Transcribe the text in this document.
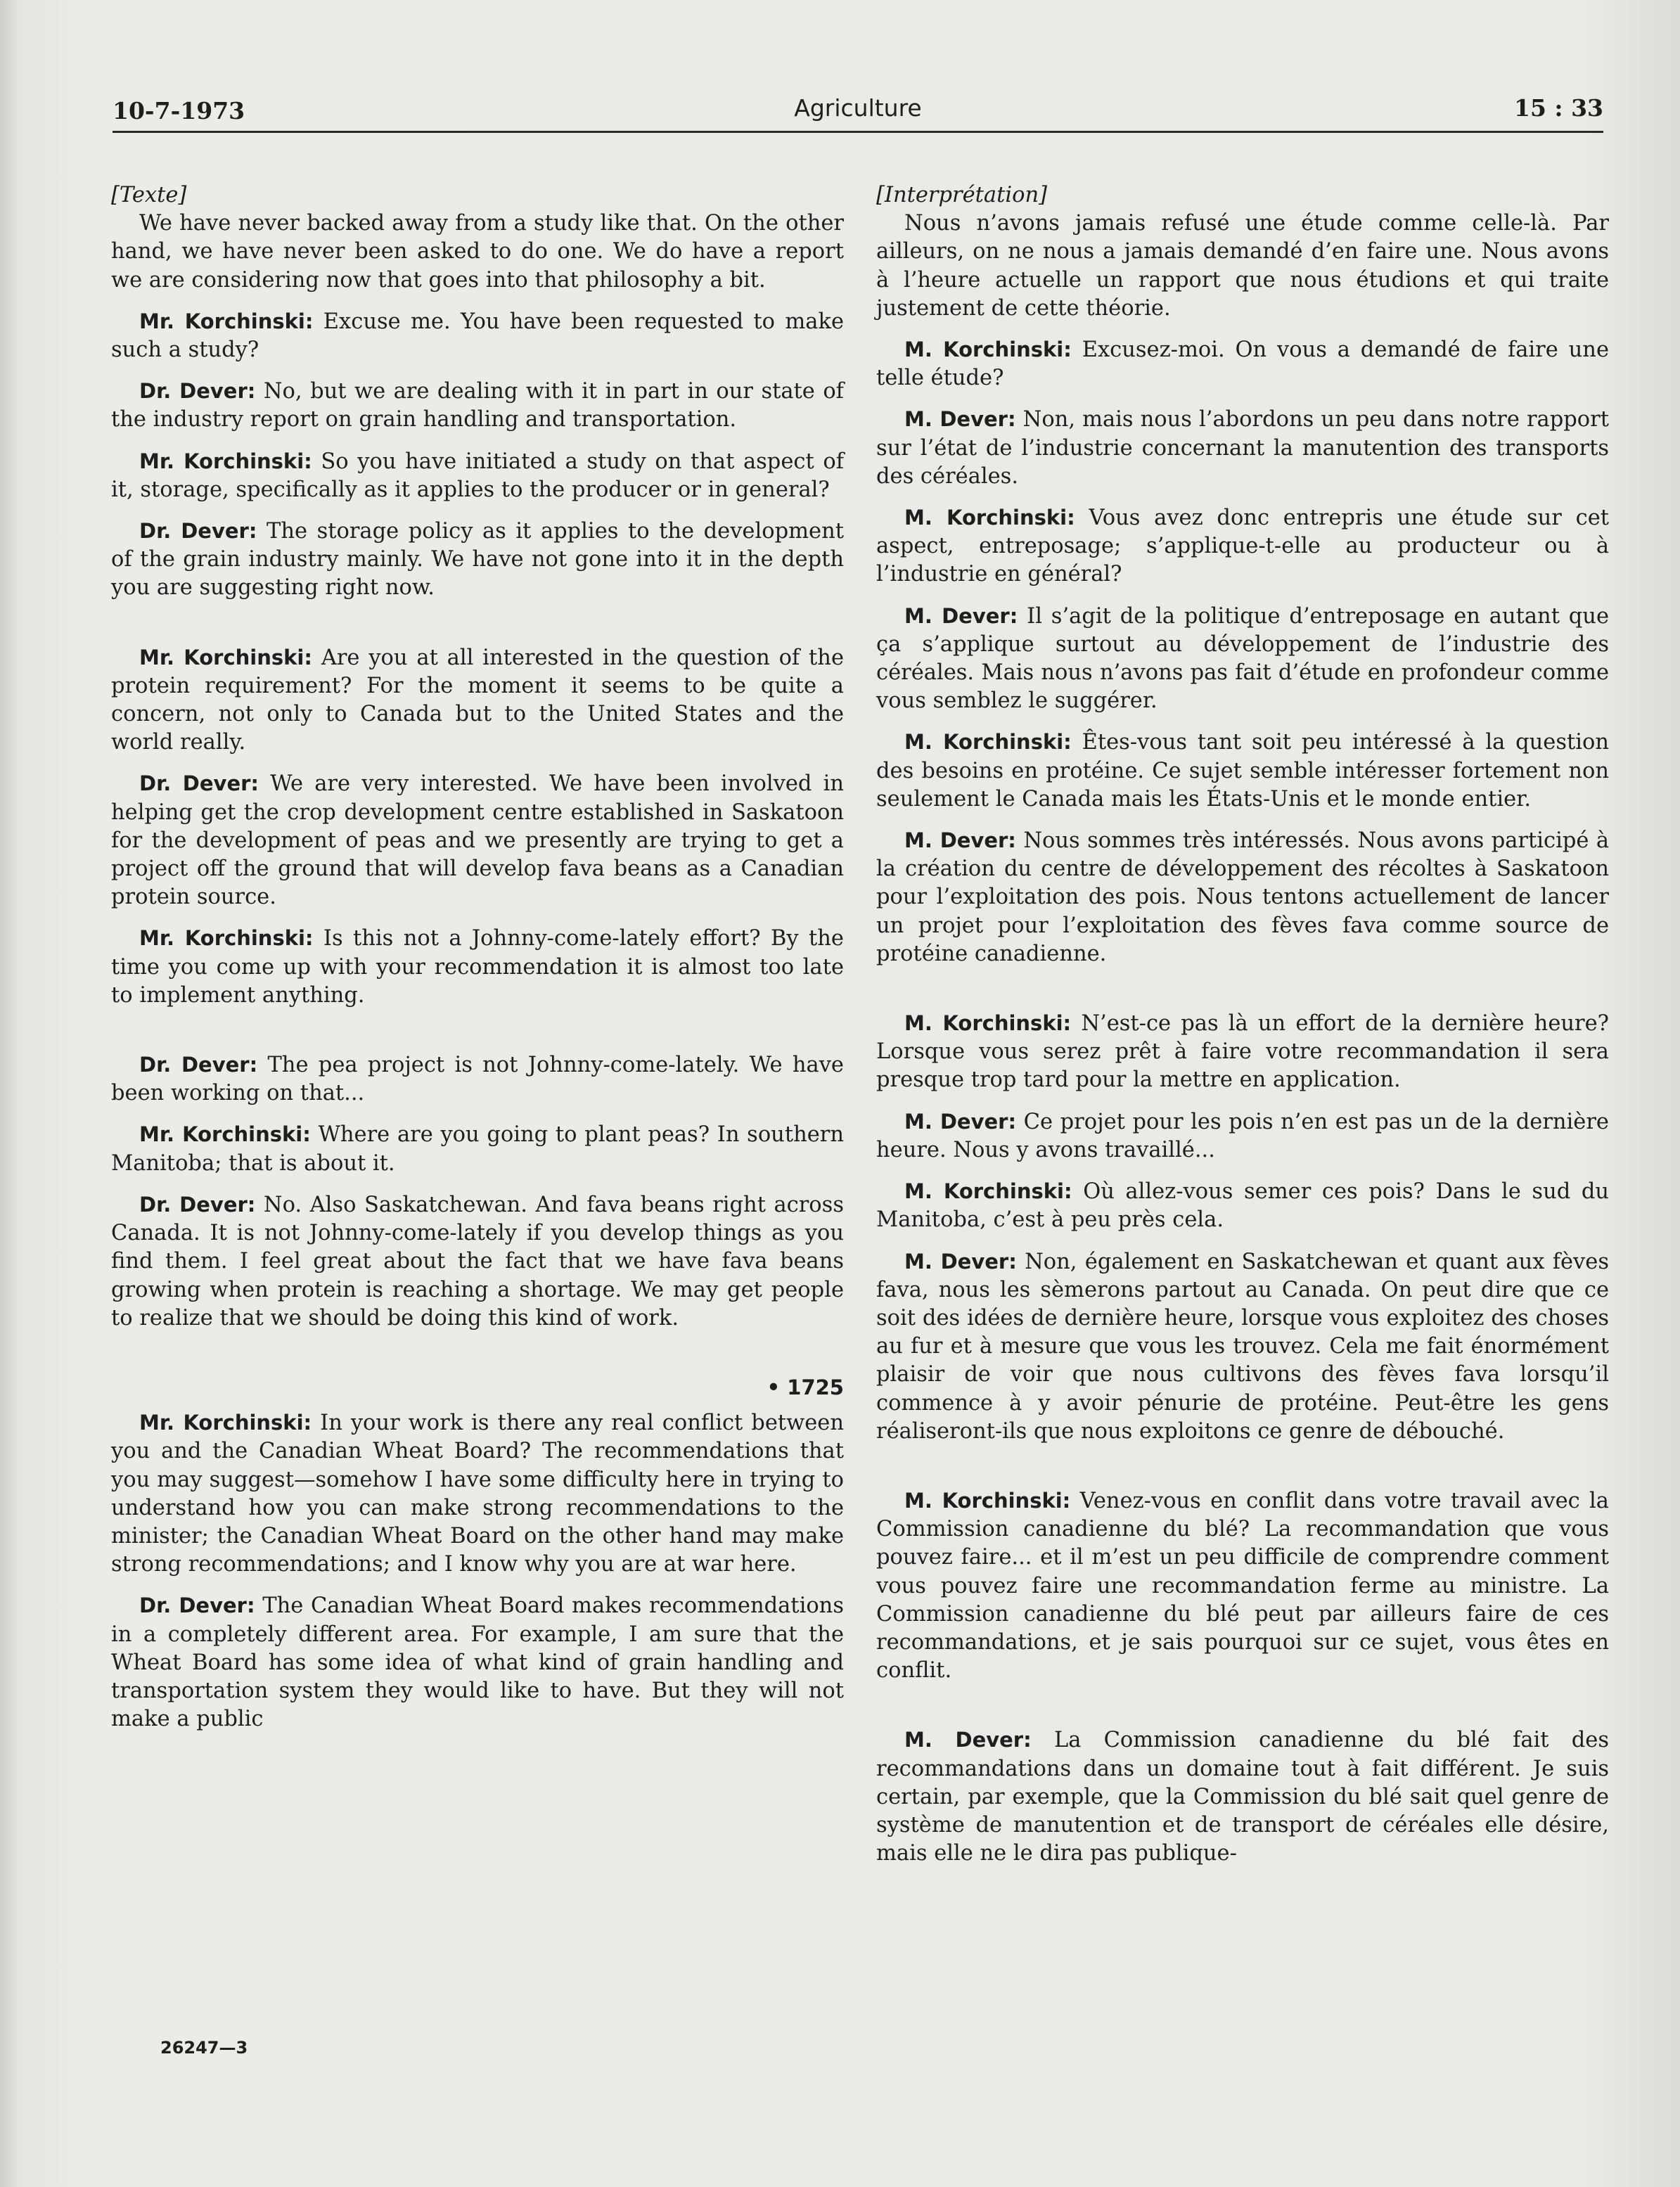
10-7-1973	Agriculture	15 : 33

[Texte]

We have never backed away from a study like that. On the other hand, we have never been asked to do one. We do have a report we are considering now that goes into that philosophy a bit.

Mr. Korchinski: Excuse me. You have been requested to make such a study?

Dr. Dever: No, but we are dealing with it in part in our state of the industry report on grain handling and transportation.

Mr. Korchinski: So you have initiated a study on that aspect of it, storage, specifically as it applies to the producer or in general?

Dr. Dever: The storage policy as it applies to the development of the grain industry mainly. We have not gone into it in the depth you are suggesting right now.

Mr. Korchinski: Are you at all interested in the question of the protein requirement? For the moment it seems to be quite a concern, not only to Canada but to the United States and the world really.

Dr. Dever: We are very interested. We have been involved in helping get the crop development centre established in Saskatoon for the development of peas and we presently are trying to get a project off the ground that will develop fava beans as a Canadian protein source.

Mr. Korchinski: Is this not a Johnny-come-lately effort? By the time you come up with your recommendation it is almost too late to implement anything.

Dr. Dever: The pea project is not Johnny-come-lately. We have been working on that...

Mr. Korchinski: Where are you going to plant peas? In southern Manitoba; that is about it.

Dr. Dever: No. Also Saskatchewan. And fava beans right across Canada. It is not Johnny-come-lately if you develop things as you find them. I feel great about the fact that we have fava beans growing when protein is reaching a shortage. We may get people to realize that we should be doing this kind of work.

• 1725

Mr. Korchinski: In your work is there any real conflict between you and the Canadian Wheat Board? The recommendations that you may suggest—somehow I have some difficulty here in trying to understand how you can make strong recommendations to the minister; the Canadian Wheat Board on the other hand may make strong recommendations; and I know why you are at war here.

Dr. Dever: The Canadian Wheat Board makes recommendations in a completely different area. For example, I am sure that the Wheat Board has some idea of what kind of grain handling and transportation system they would like to have. But they will not make a public

[Interprétation]

Nous n’avons jamais refusé une étude comme celle-là. Par ailleurs, on ne nous a jamais demandé d’en faire une. Nous avons à l’heure actuelle un rapport que nous étudions et qui traite justement de cette théorie.

M. Korchinski: Excusez-moi. On vous a demandé de faire une telle étude?

M. Dever: Non, mais nous l’abordons un peu dans notre rapport sur l’état de l’industrie concernant la manutention des transports des céréales.

M. Korchinski: Vous avez donc entrepris une étude sur cet aspect, entreposage; s’applique-t-elle au producteur ou à l’industrie en général?

M. Dever: Il s’agit de la politique d’entreposage en autant que ça s’applique surtout au développement de l’industrie des céréales. Mais nous n’avons pas fait d’étude en profondeur comme vous semblez le suggérer.

M. Korchinski: Êtes-vous tant soit peu intéressé à la question des besoins en protéine. Ce sujet semble intéresser fortement non seulement le Canada mais les États-Unis et le monde entier.

M. Dever: Nous sommes très intéressés. Nous avons participé à la création du centre de développement des récoltes à Saskatoon pour l’exploitation des pois. Nous tentons actuellement de lancer un projet pour l’exploitation des fèves fava comme source de protéine canadienne.

M. Korchinski: N’est-ce pas là un effort de la dernière heure? Lorsque vous serez prêt à faire votre recommandation il sera presque trop tard pour la mettre en application.

M. Dever: Ce projet pour les pois n’en est pas un de la dernière heure. Nous y avons travaillé...

M. Korchinski: Où allez-vous semer ces pois? Dans le sud du Manitoba, c’est à peu près cela.

M. Dever: Non, également en Saskatchewan et quant aux fèves fava, nous les sèmerons partout au Canada. On peut dire que ce soit des idées de dernière heure, lorsque vous exploitez des choses au fur et à mesure que vous les trouvez. Cela me fait énormément plaisir de voir que nous cultivons des fèves fava lorsqu’il commence à y avoir pénurie de protéine. Peut-être les gens réaliseront-ils que nous exploitons ce genre de débouché.

M. Korchinski: Venez-vous en conflit dans votre travail avec la Commission canadienne du blé? La recommandation que vous pouvez faire... et il m’est un peu difficile de comprendre comment vous pouvez faire une recommandation ferme au ministre. La Commission canadienne du blé peut par ailleurs faire de ces recommandations, et je sais pourquoi sur ce sujet, vous êtes en conflit.

M. Dever: La Commission canadienne du blé fait des recommandations dans un domaine tout à fait différent. Je suis certain, par exemple, que la Commission du blé sait quel genre de système de manutention et de transport de céréales elle désire, mais elle ne le dira pas publique-

26247—3
